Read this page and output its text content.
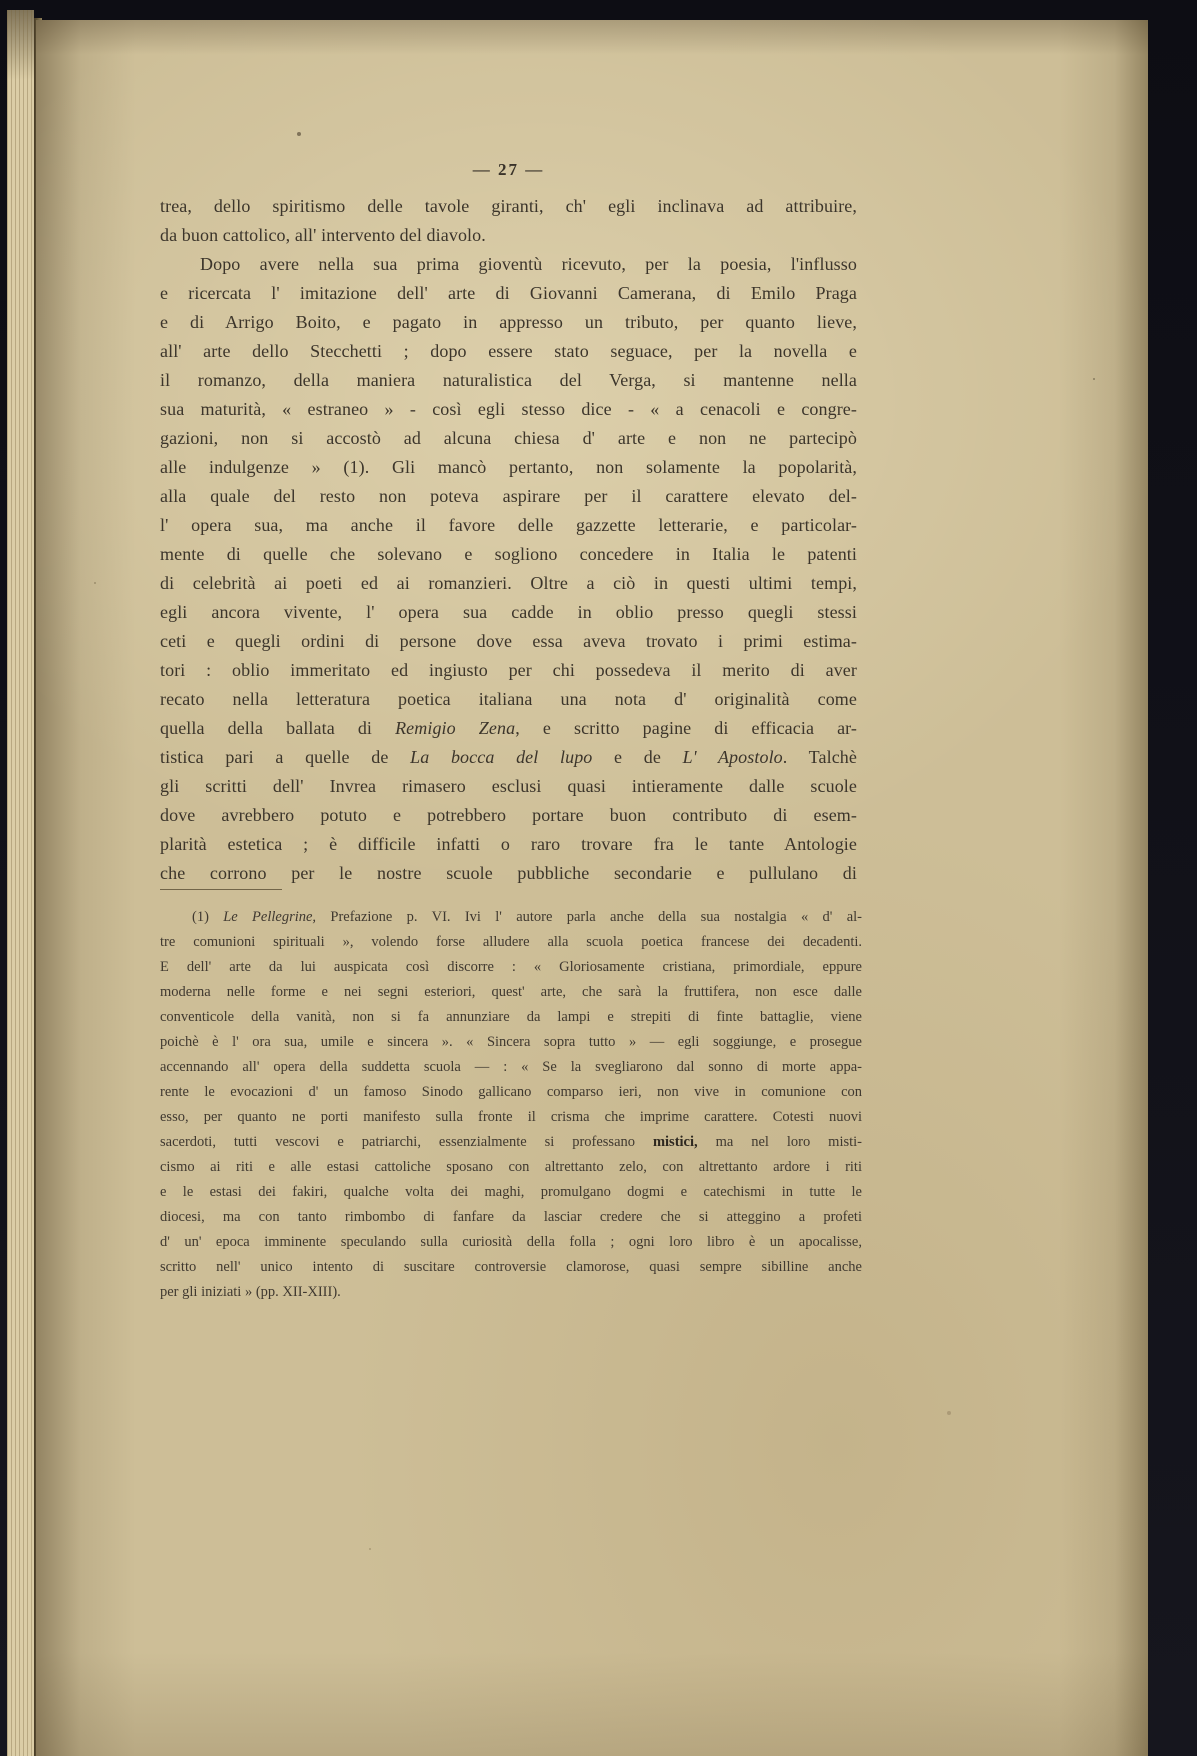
— 27 —
trea, dello spiritismo delle tavole giranti, ch' egli inclinava ad attribuire,
da buon cattolico, all' intervento del diavolo.
Dopo avere nella sua prima gioventù ricevuto, per la poesia, l'influsso
e ricercata l' imitazione dell' arte di Giovanni Camerana, di Emilo Praga
e di Arrigo Boito, e pagato in appresso un tributo, per quanto lieve,
all' arte dello Stecchetti ; dopo essere stato seguace, per la novella e
il romanzo, della maniera naturalistica del Verga, si mantenne nella
sua maturità, « estraneo » - così egli stesso dice - « a cenacoli e congre-
gazioni, non si accostò ad alcuna chiesa d' arte e non ne partecipò
alle indulgenze » (1). Gli mancò pertanto, non solamente la popolarità,
alla quale del resto non poteva aspirare per il carattere elevato del-
l' opera sua, ma anche il favore delle gazzette letterarie, e particolar-
mente di quelle che solevano e sogliono concedere in Italia le patenti
di celebrità ai poeti ed ai romanzieri. Oltre a ciò in questi ultimi tempi,
egli ancora vivente, l' opera sua cadde in oblio presso quegli stessi
ceti e quegli ordini di persone dove essa aveva trovato i primi estima-
tori : oblio immeritato ed ingiusto per chi possedeva il merito di aver
recato nella letteratura poetica italiana una nota d' originalità come
quella della ballata di Remigio Zena, e scritto pagine di efficacia ar-
tistica pari a quelle de La bocca del lupo e de L' Apostolo. Talchè
gli scritti dell' Invrea rimasero esclusi quasi intieramente dalle scuole
dove avrebbero potuto e potrebbero portare buon contributo di esem-
plarità estetica ; è difficile infatti o raro trovare fra le tante Antologie
che corrono per le nostre scuole pubbliche secondarie e pullulano di
(1) Le Pellegrine, Prefazione p. VI. Ivi l' autore parla anche della sua nostalgia « d' al-
tre comunioni spirituali », volendo forse alludere alla scuola poetica francese dei decadenti.
E dell' arte da lui auspicata così discorre : « Gloriosamente cristiana, primordiale, eppure
moderna nelle forme e nei segni esteriori, quest' arte, che sarà la fruttifera, non esce dalle
conventicole della vanità, non si fa annunziare da lampi e strepiti di finte battaglie, viene
poichè è l' ora sua, umile e sincera ». « Sincera sopra tutto » — egli soggiunge, e prosegue
accennando all' opera della suddetta scuola — : « Se la svegliarono dal sonno di morte appa-
rente le evocazioni d' un famoso Sinodo gallicano comparso ieri, non vive in comunione con
esso, per quanto ne porti manifesto sulla fronte il crisma che imprime carattere. Cotesti nuovi
sacerdoti, tutti vescovi e patriarchi, essenzialmente si professano mistici, ma nel loro misti-
cismo ai riti e alle estasi cattoliche sposano con altrettanto zelo, con altrettanto ardore i riti
e le estasi dei fakiri, qualche volta dei maghi, promulgano dogmi e catechismi in tutte le
diocesi, ma con tanto rimbombo di fanfare da lasciar credere che si atteggino a profeti
d' un' epoca imminente speculando sulla curiosità della folla ; ogni loro libro è un apocalisse,
scritto nell' unico intento di suscitare controversie clamorose, quasi sempre sibilline anche
per gli iniziati » (pp. XII-XIII).
